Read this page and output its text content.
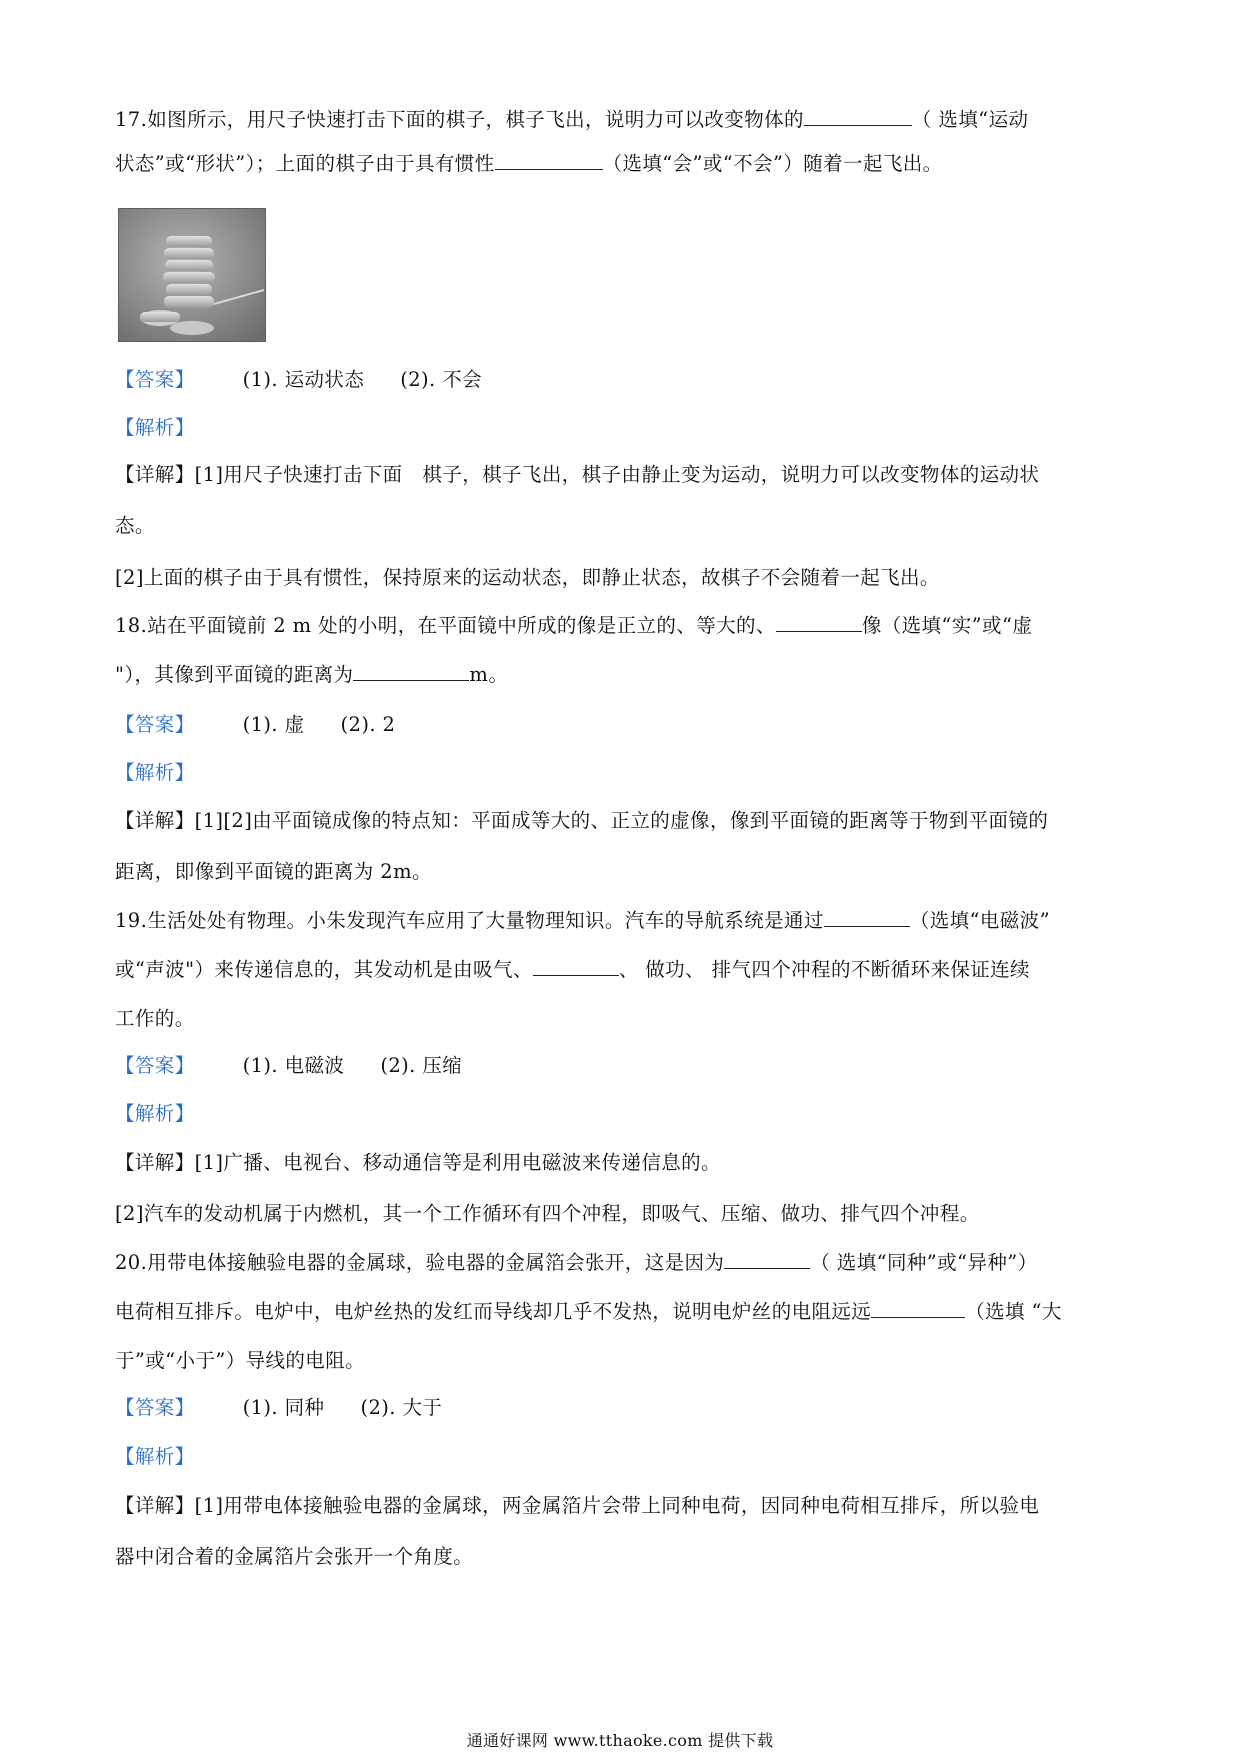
17.如图所示，用尺子快速打击下面的棋子，棋子飞出，说明力可以改变物体的	（ 选填“运动
状态”或“形状”）；上面的棋子由于具有惯性	（选填“会”或“不会”）随着一起飞出。
【答案】 (1). 运动状态 (2). 不会
【解析】
【详解】[1]用尺子快速打击下面　棋子，棋子飞出，棋子由静止变为运动，说明力可以改变物体的运动状
态。
[2]上面的棋子由于具有惯性，保持原来的运动状态，即静止状态，故棋子不会随着一起飞出。
18.站在平面镜前 2 m 处的小明，在平面镜中所成的像是正立的、等大的、	像（选填“实”或“虚
"），其像到平面镜的距离为	m。
【答案】 (1). 虚 (2). 2
【解析】
【详解】[1][2]由平面镜成像的特点知：平面成等大的、正立的虚像，像到平面镜的距离等于物到平面镜的
距离，即像到平面镜的距离为 2m。
19.生活处处有物理。小朱发现汽车应用了大量物理知识。汽车的导航系统是通过	（选填“电磁波”
或“声波"）来传递信息的，其发动机是由吸气、	、 做功、 排气四个冲程的不断循环来保证连续
工作的。
【答案】 (1). 电磁波 (2). 压缩
【解析】
【详解】[1]广播、电视台、移动通信等是利用电磁波来传递信息的。
[2]汽车的发动机属于内燃机，其一个工作循环有四个冲程，即吸气、压缩、做功、排气四个冲程。
20.用带电体接触验电器的金属球，验电器的金属箔会张开，这是因为	（ 选填“同种”或“异种”）
电荷相互排斥。电炉中，电炉丝热的发红而导线却几乎不发热，说明电炉丝的电阻远远	（选填 “大
于”或“小于”）导线的电阻。
【答案】 (1). 同种 (2). 大于
【解析】
【详解】[1]用带电体接触验电器的金属球，两金属箔片会带上同种电荷，因同种电荷相互排斥，所以验电
器中闭合着的金属箔片会张开一个角度。
通通好课网 www.tthaoke.com 提供下载
